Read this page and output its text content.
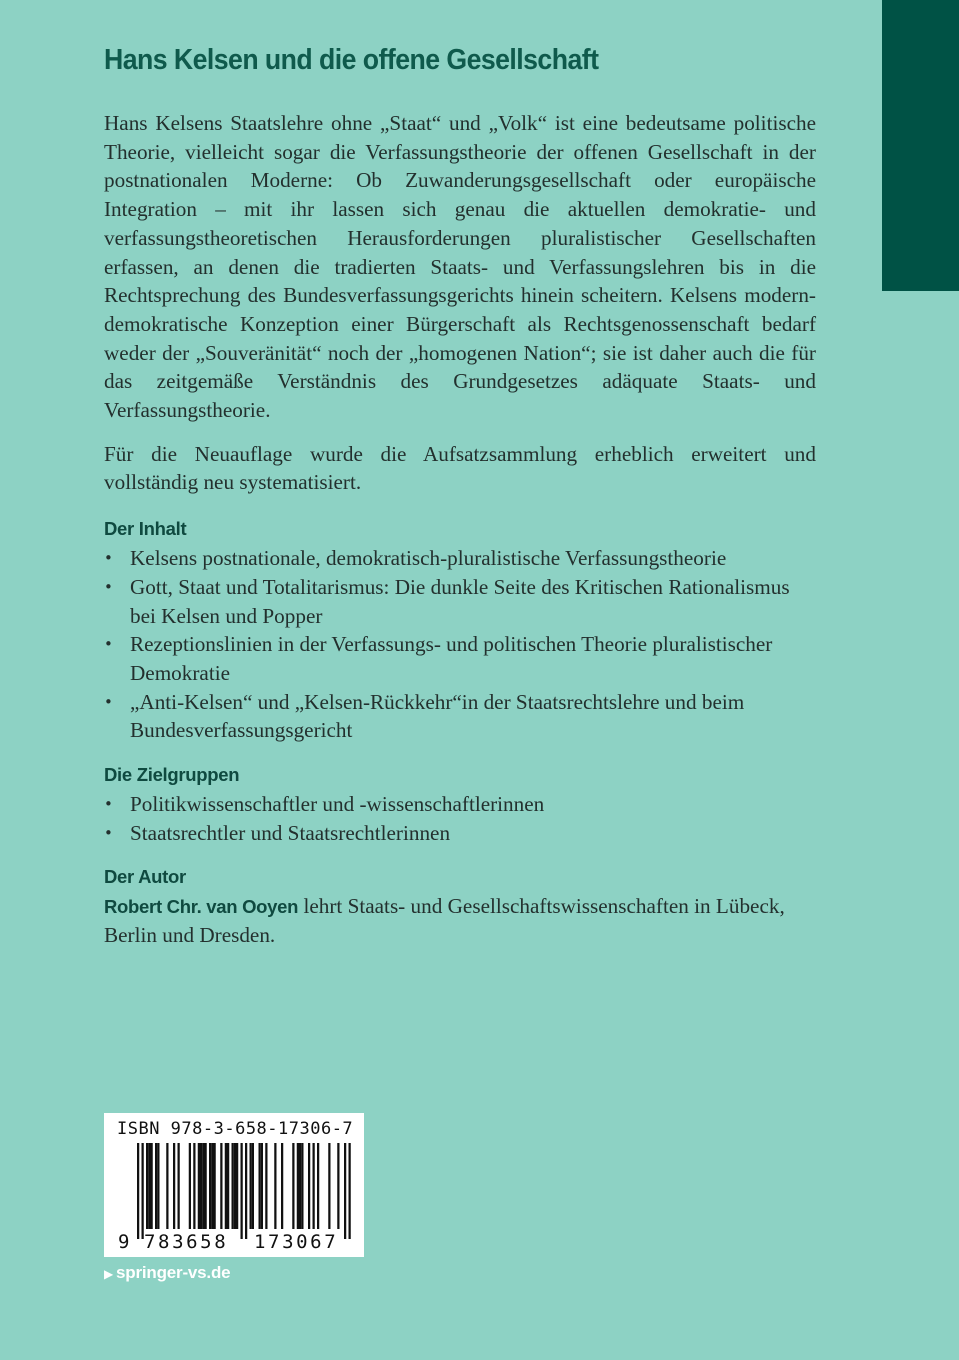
Hans Kelsen und die offene Gesellschaft

Hans Kelsens Staatslehre ohne „Staat“ und „Volk“ ist eine bedeutsame politische Theorie, vielleicht sogar die Verfassungstheorie der offenen Gesellschaft in der postnationalen Moderne: Ob Zuwanderungsgesellschaft oder europäische Integration – mit ihr lassen sich genau die aktuellen demokratie- und verfassungstheoretischen Herausforderungen pluralistischer Gesellschaften erfassen, an denen die tradierten Staats- und Verfassungslehren bis in die Rechtsprechung des Bundesverfassungsgerichts hinein scheitern. Kelsens modern-demokratische Konzeption einer Bürgerschaft als Rechtsgenossenschaft bedarf weder der „Souveränität“ noch der „homogenen Nation“; sie ist daher auch die für das zeitgemäße Verständnis des Grundgesetzes adäquate Staats- und Verfassungstheorie.

Für die Neuauflage wurde die Aufsatzsammlung erheblich erweitert und vollständig neu systematisiert.

Der Inhalt
• Kelsens postnationale, demokratisch-pluralistische Verfassungstheorie
• Gott, Staat und Totalitarismus: Die dunkle Seite des Kritischen Rationalismus bei Kelsen und Popper
• Rezeptionslinien in der Verfassungs- und politischen Theorie pluralistischer Demokratie
• „Anti-Kelsen“ und „Kelsen-Rückkehr“in der Staatsrechtslehre und beim Bundesverfassungsgericht
Die Zielgruppen
• Politikwissenschaftler und -wissenschaftlerinnen
• Staatsrechtler und Staatsrechtlerinnen
Der Autor

Robert Chr. van Ooyen lehrt Staats- und Gesellschaftswissenschaften in Lübeck, Berlin und Dresden.

ISBN 978-3-658-17306-7
9 783658 173067
▶ springer-vs.de
